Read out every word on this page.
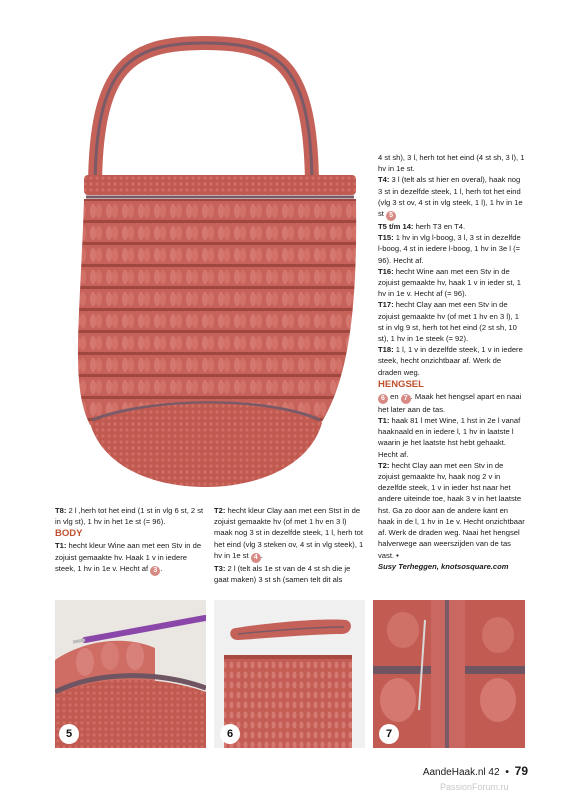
4 st sh), 3 l, herh tot het eind (4 st sh, 3 l), 1 hv in 1e st.

T4: 3 l (telt als st hier en overal), haak nog 3 st in dezelfde steek, 1 l, herh tot het eind (vlg 3 st ov, 4 st in vlg steek, 1 l), 1 hv in 1e st 5

T5 t/m 14: herh T3 en T4.

T15: 1 hv in vlg l-boog, 3 l, 3 st in dezelfde l-boog, 4 st in iedere l-boog, 1 hv in 3e l (= 96). Hecht af.

T16: hecht Wine aan met een Stv in de zojuist gemaakte hv, haak 1 v in ieder st, 1 hv in 1e v. Hecht af (= 96).

T17: hecht Clay aan met een Stv in de zojuist gemaakte hv (of met 1 hv en 3 l), 1 st in vlg 9 st, herh tot het eind (2 st sh, 10 st), 1 hv in 1e steek (= 92).

T18: 1 l, 1 v in dezelfde steek, 1 v in iedere steek, hecht onzichtbaar af. Werk de draden weg.

HENGSEL

6 en 7 . Maak het hengsel apart en naai het later aan de tas.

T1: haak 81 l met Wine, 1 hst in 2e l vanaf haaknaald en in iedere l, 1 hv in laatste l waarin je het laatste hst hebt gehaakt. Hecht af.

T2: hecht Clay aan met een Stv in de zojuist gemaakte hv, haak nog 2 v in dezelfde steek, 1 v in ieder hst naar het andere uiteinde toe, haak 3 v in het laatste hst. Ga zo door aan de andere kant en haak in de l, 1 hv in 1e v. Hecht onzichtbaar af. Werk de draden weg. Naai het hengsel halverwege aan weerszijden van de tas vast. •

Susy Terheggen, knotsosquare.com

T8: 2 l ,herh tot het eind (1 st in vlg 6 st, 2 st in vlg st), 1 hv in het 1e st (= 96).

BODY

T1: hecht kleur Wine aan met een Stv in de zojuist gemaakte hv. Haak 1 v in iedere steek, 1 hv in 1e v. Hecht af 3 .

T2: hecht kleur Clay aan met een Stst in de zojuist gemaakte hv (of met 1 hv en 3 l) maak nog 3 st in dezelfde steek, 1 l, herh tot het eind (vlg 3 steken ov, 4 st in vlg steek), 1 hv in 1e st 4 .

T3: 2 l (telt als 1e st van de 4 st sh die je gaat maken) 3 st sh (samen telt dit als

5	6	7
AandeHaak.nl 42 • 79
PassionForum.ru
